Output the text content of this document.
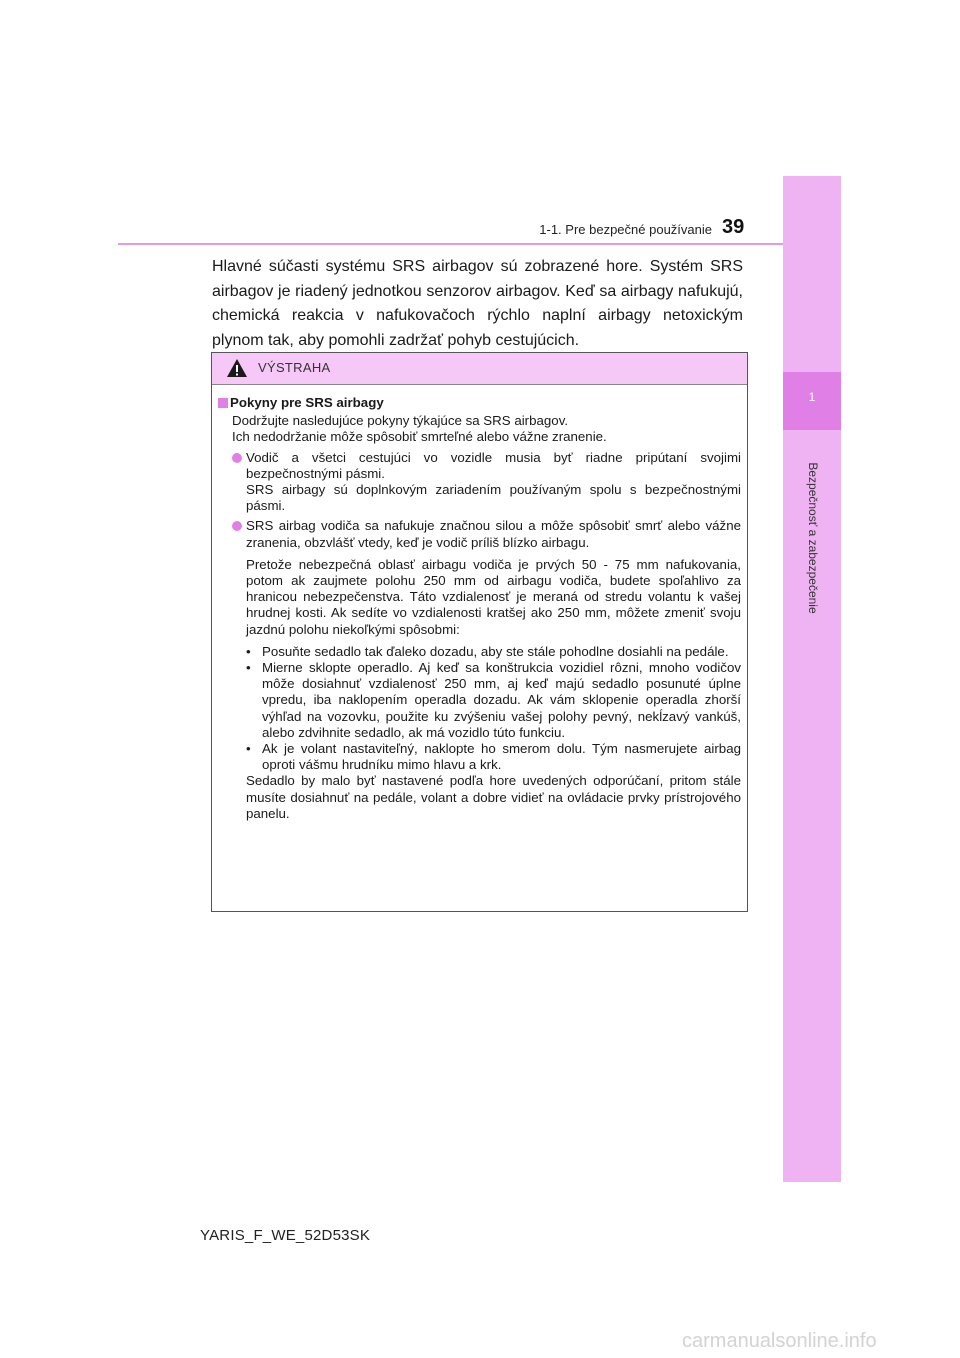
1
Bezpečnosť a zabezpečenie
1-1. Pre bezpečné používanie 39
Hlavné súčasti systému SRS airbagov sú zobrazené hore. Systém SRS airbagov je riadený jednotkou senzorov airbagov. Keď sa airbagy nafukujú, chemická reakcia v nafukovačoch rýchlo naplní airbagy netoxickým plynom tak, aby pomohli zadržať pohyb cestujúcich.
VÝSTRAHA
Pokyny pre SRS airbagy
Dodržujte nasledujúce pokyny týkajúce sa SRS airbagov.
Ich nedodržanie môže spôsobiť smrteľné alebo vážne zranenie.
Vodič a všetci cestujúci vo vozidle musia byť riadne pripútaní svojimi bezpečnostnými pásmi.
SRS airbagy sú doplnkovým zariadením používaným spolu s bezpečnostnými pásmi.
SRS airbag vodiča sa nafukuje značnou silou a môže spôsobiť smrť alebo vážne zranenia, obzvlášť vtedy, keď je vodič príliš blízko airbagu.
Pretože nebezpečná oblasť airbagu vodiča je prvých 50 - 75 mm nafukovania, potom ak zaujmete polohu 250 mm od airbagu vodiča, budete spoľahlivo za hranicou nebezpečenstva. Táto vzdialenosť je meraná od stredu volantu k vašej hrudnej kosti. Ak sedíte vo vzdialenosti kratšej ako 250 mm, môžete zmeniť svoju jazdnú polohu niekoľkými spôsobmi:
• Posuňte sedadlo tak ďaleko dozadu, aby ste stále pohodlne dosiahli na pedále.
• Mierne sklopte operadlo. Aj keď sa konštrukcia vozidiel rôzni, mnoho vodičov môže dosiahnuť vzdialenosť 250 mm, aj keď majú sedadlo posunuté úplne vpredu, iba naklopením operadla dozadu. Ak vám sklopenie operadla zhorší výhľad na vozovku, použite ku zvýšeniu vašej polohy pevný, nekĺzavý vankúš, alebo zdvihnite sedadlo, ak má vozidlo túto funkciu.
• Ak je volant nastaviteľný, naklopte ho smerom dolu. Tým nasmerujete airbag oproti vášmu hrudníku mimo hlavu a krk.
Sedadlo by malo byť nastavené podľa hore uvedených odporúčaní, pritom stále musíte dosiahnuť na pedále, volant a dobre vidieť na ovládacie prvky prístrojového panelu.
YARIS_F_WE_52D53SK
carmanualsonline.info
